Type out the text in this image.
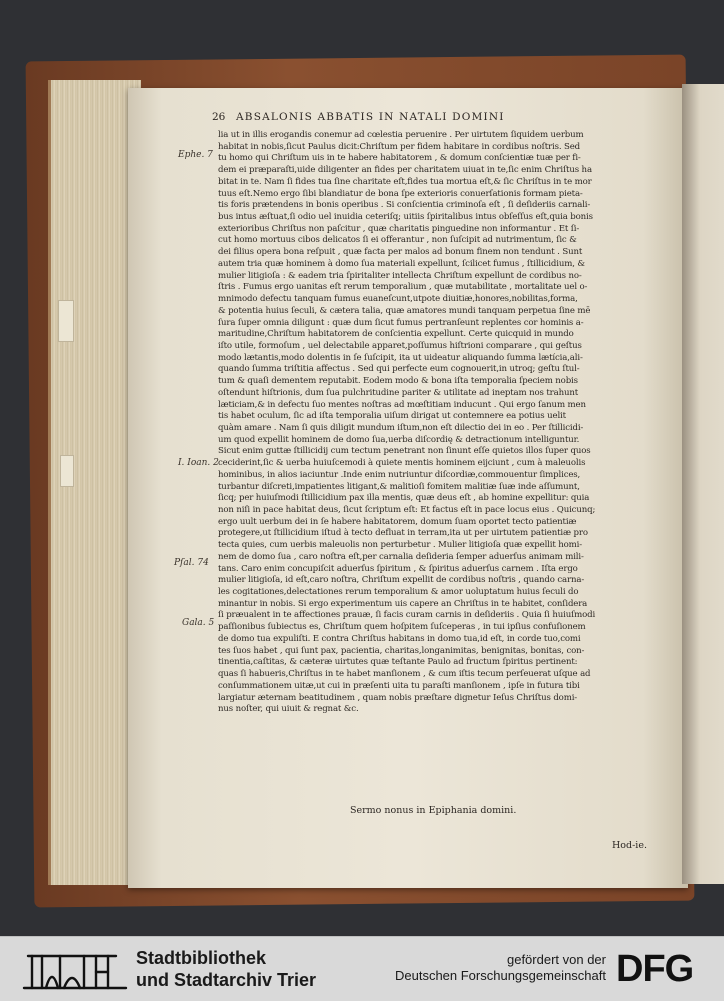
26 ABSALONIS ABBATIS IN NATALI DOMINI
Ephe. 7
I. Ioan. 2
Pſal. 74
Gala. 5
lia ut in illis erogandis conemur ad cœlestia peruenire . Per uirtutem ſiquidem uerbum
habitat in nobis,ſicut Paulus dicit:Chriſtum per fidem habitare in cordibus noſtris. Sed
tu homo qui Chriſtum uis in te habere habitatorem , & domum conſcientiæ tuæ per fi-
dem ei præparaſti,uide diligenter an fides per charitatem uiuat in te,ſic enim Chriſtus ha
bitat in te. Nam ſi fides tua ſine charitate eſt,fides tua mortua eſt,& ſic Chriſtus in te mor
tuus eſt.Nemo ergo ſibi blandiatur de bona ſpe exterioris conuerſationis formam pieta-
tis foris prætendens in bonis operibus . Si conſcientia criminoſa eſt , ſi deſideriis carnali-
bus intus æſtuat,ſi odio uel inuidia ceteriſq; uitiis ſpiritalibus intus obſeſſus eſt,quia bonis
exterioribus Chriſtus non paſcitur , quæ charitatis pinguedine non informantur . Et ſi-
cut homo mortuus cibos delicatos ſi ei offerantur , non ſuſcipit ad nutrimentum, ſic &
dei filius opera bona reſpuit , quæ facta per malos ad bonum finem non tendunt . Sunt
autem tria quæ hominem à domo ſua materiali expellunt, ſcilicet fumus , ſtillicidium, &
mulier litigioſa : & eadem tria ſpiritaliter intellecta Chriſtum expellunt de cordibus no-
ſtris . Fumus ergo uanitas eſt rerum temporalium , quæ mutabilitate , mortalitate uel o-
mnimodo defectu tanquam fumus euaneſcunt,utpote diuitiæ,honores,nobilitas,forma,
& potentia huius ſeculi, & cætera talia, quæ amatores mundi tanquam perpetua ſine mē
ſura ſuper omnia diligunt : quæ dum ſicut fumus pertranſeunt replentes cor hominis a-
maritudine,Chriſtum habitatorem de conſcientia expellunt. Certe quicquid in mundo
iſto utile, formoſum , uel delectabile apparet,poſſumus hiſtrioni comparare , qui geſtus
modo lætantis,modo dolentis in ſe ſuſcipit, ita ut uideatur aliquando ſumma lætícia,ali-
quando ſumma triſtitia affectus . Sed qui perfecte eum cognouerit,in utroq; geſtu ſtul-
tum & quaſi dementem reputabit. Eodem modo & bona iſta temporalia ſpeciem nobis
oſtendunt hiſtrionis, dum ſua pulchritudine pariter & utilitate ad ineptam nos trahunt
læticiam,& in defectu ſuo mentes noſtras ad mœſtitiam inducunt . Qui ergo ſanum men
tis habet oculum, ſic ad iſta temporalia uiſum dirigat ut contemnere ea potius uelit
quàm amare . Nam ſi quis diligit mundum iſtum,non eſt dilectio dei in eo . Per ſtillicidi-
um quod expellit hominem de domo ſua,uerba diſcordię & detractionum intelliguntur.
Sicut enim guttæ ſtillicidij cum tectum penetrant non ſinunt eſſe quietos illos ſuper quos
ceciderint,ſic & uerba huiuſcemodi à quiete mentis hominem eijciunt , cum à maleuolis
hominibus, in alios iaciuntur .Inde enim nutriuntur diſcordiæ,commouentur ſimplices,
turbantur diſcreti,impatientes litigant,& malitioſi fomitem malitiæ ſuæ inde aſſumunt,
ſicq; per huiuſmodi ſtillicidium pax illa mentis, quæ deus eſt , ab homine expellitur: quia
non niſi in pace habitat deus, ſicut ſcriptum eſt: Et factus eſt in pace locus eius . Quicunq;
ergo uult uerbum dei in ſe habere habitatorem, domum ſuam oportet tecto patientiæ
protegere,ut ſtillicidium iſtud à tecto defluat in terram,ita ut per uirtutem patientiæ pro
tecta quies, cum uerbis maleuolis non perturbetur . Mulier litigioſa quæ expellit homi-
nem de domo ſua , caro noſtra eſt,per carnalia deſideria ſemper aduerſus animam mili-
tans. Caro enim concupiſcit aduerſus ſpiritum , & ſpiritus aduerſus carnem . Iſta ergo
mulier litigioſa, id eſt,caro noſtra, Chriſtum expellit de cordibus noſtris , quando carna-
les cogitationes,delectationes rerum temporalium & amor uoluptatum huius ſeculi do
minantur in nobis. Si ergo experimentum uis capere an Chriſtus in te habitet, conſidera
ſi præualent in te affectiones prauæ, ſi facis curam carnis in deſideriis . Quia ſi huiuſmodi
paſſionibus ſubiectus es, Chriſtum quem hoſpitem ſuſceperas , in tui ipſius confuſionem
de domo tua expuliſti. E contra Chriſtus habitans in domo tua,id eſt, in corde tuo,comi
tes ſuos habet , qui ſunt pax, pacientia, charitas,longanimitas, benignitas, bonitas, con-
tinentia,caſtitas, & cæteræ uirtutes quæ teſtante Paulo ad fructum ſpiritus pertinent:
quas ſi habueris,Chriſtus in te habet manſionem , & cum iſtis tecum perſeuerat uſque ad
conſummationem uitæ,ut cui in præſenti uita tu paraſti manſionem , ipſe in futura tibi
largiatur æternam beatitudinem , quam nobis præſtare dignetur Ieſus Chriſtus domi-
nus noſter, qui uiuit & regnat &c.
Sermo nonus in Epiphania domini.
Hod-ie.
Stadtbibliothek
und Stadtarchiv Trier
gefördert von der
Deutschen Forschungsgemeinschaft DFG
